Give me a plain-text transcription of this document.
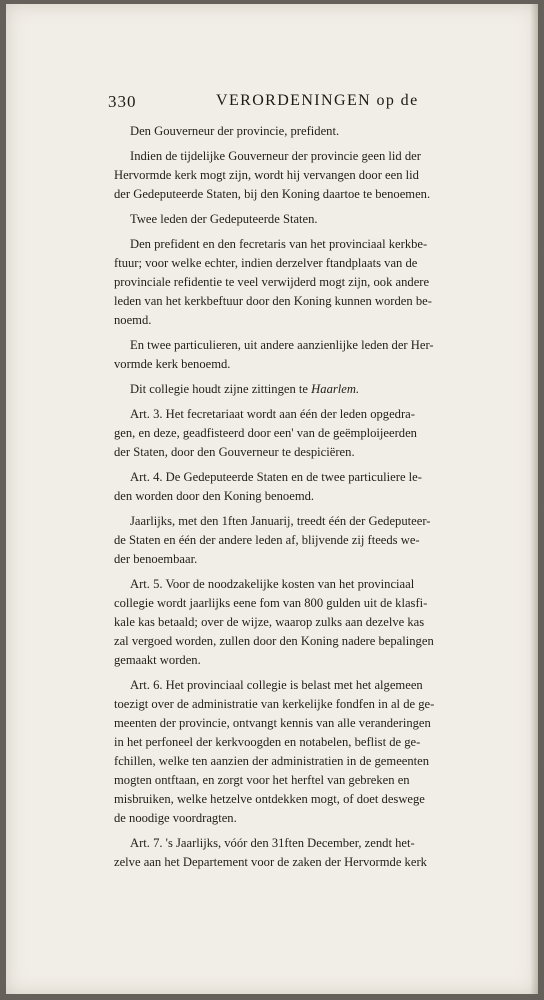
330	VERORDENINGEN op de
Den Gouverneur der provincie, prefident.
Indien de tijdelijke Gouverneur der provincie geen lid der
Hervormde kerk mogt zijn, wordt hij vervangen door een lid
der Gedeputeerde Staten, bij den Koning daartoe te benoemen.
Twee leden der Gedeputeerde Staten.
Den prefident en den fecretaris van het provinciaal kerkbe-
ftuur; voor welke echter, indien derzelver ftandplaats van de
provinciale refidentie te veel verwijderd mogt zijn, ook andere
leden van het kerkbeftuur door den Koning kunnen worden be-
noemd.
En twee particulieren, uit andere aanzienlijke leden der Her-
vormde kerk benoemd.
Dit collegie houdt zijne zittingen te Haarlem.
Art. 3. Het fecretariaat wordt aan één der leden opgedra-
gen, en deze, geadfisteerd door een' van de geëmploijeerden
der Staten, door den Gouverneur te despiciëren.
Art. 4. De Gedeputeerde Staten en de twee particuliere le-
den worden door den Koning benoemd.
Jaarlijks, met den 1ften Januarij, treedt één der Gedeputeer-
de Staten en één der andere leden af, blijvende zij fteeds we-
der benoembaar.
Art. 5. Voor de noodzakelijke kosten van het provinciaal
collegie wordt jaarlijks eene fom van 800 gulden uit de klasfi-
kale kas betaald; over de wijze, waarop zulks aan dezelve kas
zal vergoed worden, zullen door den Koning nadere bepalingen
gemaakt worden.
Art. 6. Het provinciaal collegie is belast met het algemeen
toezigt over de administratie van kerkelijke fondfen in al de ge-
meenten der provincie, ontvangt kennis van alle veranderingen
in het perfoneel der kerkvoogden en notabelen, beflist de ge-
fchillen, welke ten aanzien der administratien in de gemeenten
mogten ontftaan, en zorgt voor het herftel van gebreken en
misbruiken, welke hetzelve ontdekken mogt, of doet deswege
de noodige voordragten.
Art. 7. 's Jaarlijks, vóór den 31ften December, zendt het-
zelve aan het Departement voor de zaken der Hervormde kerk
